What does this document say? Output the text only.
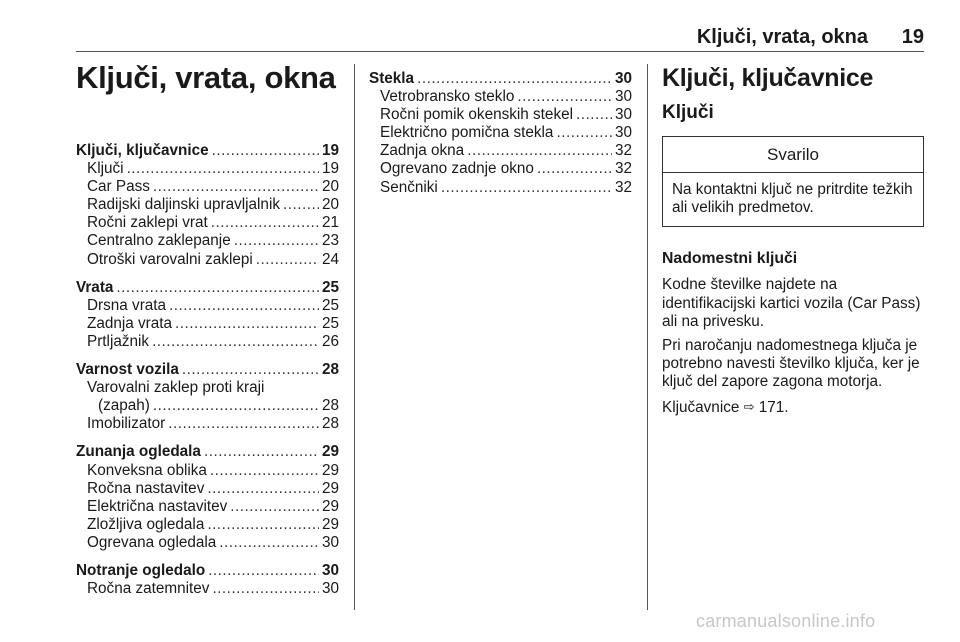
Ključi, vrata, okna 19
Ključi, vrata, okna
Ključi, ključavnice .....	19
Ključi .....	19
Car Pass .....	20
Radijski daljinski upravljalnik .....	20
Ročni zaklepi vrat .....	21
Centralno zaklepanje .....	23
Otroški varovalni zaklepi .....	24
Vrata .....	25
Drsna vrata .....	25
Zadnja vrata .....	25
Prtljažnik .....	26
Varnost vozila .....	28
Varovalni zaklep proti kraji
(zapah) .....	28
Imobilizator .....	28
Zunanja ogledala .....	29
Konveksna oblika .....	29
Ročna nastavitev .....	29
Električna nastavitev .....	29
Zložljiva ogledala .....	29
Ogrevana ogledala .....	30
Notranje ogledalo .....	30
Ročna zatemnitev .....	30
Stekla .....	30
Vetrobransko steklo .....	30
Ročni pomik okenskih stekel .....	30
Električno pomična stekla .....	30
Zadnja okna .....	32
Ogrevano zadnje okno .....	32
Senčniki .....	32
Ključi, ključavnice
Ključi
Svarilo
Na kontaktni ključ ne pritrdite težkih ali velikih predmetov.
Nadomestni ključi

Kodne številke najdete na identifikacijski kartici vozila (Car Pass) ali na privesku.

Pri naročanju nadomestnega ključa je potrebno navesti številko ključa, ker je ključ del zapore zagona motorja.

Ključavnice ⇨ 171.

carmanualsonline.info
